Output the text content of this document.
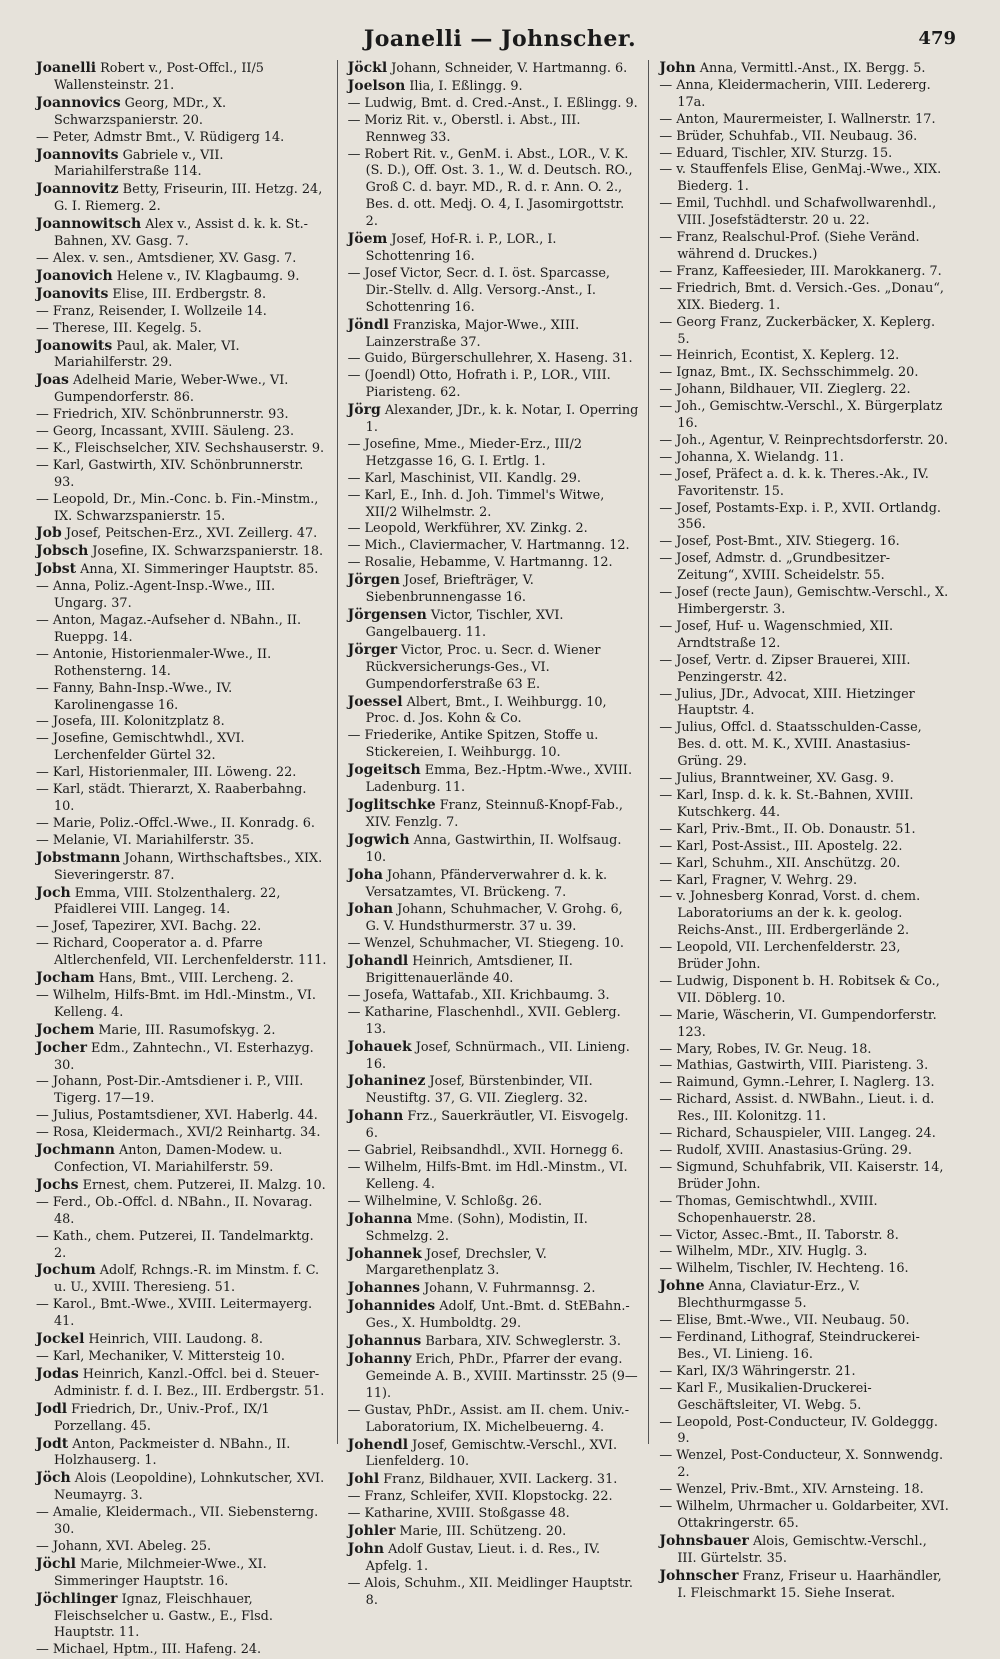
Joanelli — Johnscher.	479

Joanelli Robert v., Post-Offcl., II/5 Wallensteinstr. 21.

Joannovics Georg, MDr., X. Schwarzspanierstr. 20.

— Peter, Admstr Bmt., V. Rüdigerg 14.

Joannovits Gabriele v., VII. Mariahilferstraße 114.

Joannovitz Betty, Friseurin, III. Hetzg. 24, G. I. Riemerg. 2.

Joannowitsch Alex v., Assist d. k. k. St.-Bahnen, XV. Gasg. 7.

— Alex. v. sen., Amtsdiener, XV. Gasg. 7.

Joanovich Helene v., IV. Klagbaumg. 9.

Joanovits Elise, III. Erdbergstr. 8.

— Franz, Reisender, I. Wollzeile 14.

— Therese, III. Kegelg. 5.

Joanowits Paul, ak. Maler, VI. Mariahilferstr. 29.

Joas Adelheid Marie, Weber-Wwe., VI. Gumpendorferstr. 86.

— Friedrich, XIV. Schönbrunnerstr. 93.

— Georg, Incassant, XVIII. Säuleng. 23.

— K., Fleischselcher, XIV. Sechshauserstr. 9.

— Karl, Gastwirth, XIV. Schönbrunnerstr. 93.

— Leopold, Dr., Min.-Conc. b. Fin.-Minstm., IX. Schwarzspanierstr. 15.

Job Josef, Peitschen-Erz., XVI. Zeillerg. 47.

Jobsch Josefine, IX. Schwarzspanierstr. 18.

Jobst Anna, XI. Simmeringer Hauptstr. 85.

— Anna, Poliz.-Agent-Insp.-Wwe., III. Ungarg. 37.

— Anton, Magaz.-Aufseher d. NBahn., II. Rueppg. 14.

— Antonie, Historienmaler-Wwe., II. Rothensterng. 14.

— Fanny, Bahn-Insp.-Wwe., IV. Karolinengasse 16.

— Josefa, III. Kolonitzplatz 8.

— Josefine, Gemischtwhdl., XVI. Lerchenfelder Gürtel 32.

— Karl, Historienmaler, III. Löweng. 22.

— Karl, städt. Thierarzt, X. Raaberbahng. 10.

— Marie, Poliz.-Offcl.-Wwe., II. Konradg. 6.

— Melanie, VI. Mariahilferstr. 35.

Jobstmann Johann, Wirthschaftsbes., XIX. Sieveringerstr. 87.

Joch Emma, VIII. Stolzenthalerg. 22, Pfaidlerei VIII. Langeg. 14.

— Josef, Tapezirer, XVI. Bachg. 22.

— Richard, Cooperator a. d. Pfarre Altlerchenfeld, VII. Lerchenfelderstr. 111.

Jocham Hans, Bmt., VIII. Lercheng. 2.

— Wilhelm, Hilfs-Bmt. im Hdl.-Minstm., VI. Kelleng. 4.

Jochem Marie, III. Rasumofskyg. 2.

Jocher Edm., Zahntechn., VI. Esterhazyg. 30.

— Johann, Post-Dir.-Amtsdiener i. P., VIII. Tigerg. 17—19.

— Julius, Postamtsdiener, XVI. Haberlg. 44.

— Rosa, Kleidermach., XVI/2 Reinhartg. 34.

Jochmann Anton, Damen-Modew. u. Confection, VI. Mariahilferstr. 59.

Jochs Ernest, chem. Putzerei, II. Malzg. 10.

— Ferd., Ob.-Offcl. d. NBahn., II. Novarag. 48.

— Kath., chem. Putzerei, II. Tandelmarktg. 2.

Jochum Adolf, Rchngs.-R. im Minstm. f. C. u. U., XVIII. Theresieng. 51.

— Karol., Bmt.-Wwe., XVIII. Leitermayerg. 41.

Jockel Heinrich, VIII. Laudong. 8.

— Karl, Mechaniker, V. Mittersteig 10.

Jodas Heinrich, Kanzl.-Offcl. bei d. Steuer-Administr. f. d. I. Bez., III. Erdbergstr. 51.

Jodl Friedrich, Dr., Univ.-Prof., IX/1 Porzellang. 45.

Jodt Anton, Packmeister d. NBahn., II. Holzhauserg. 1.

Jöch Alois (Leopoldine), Lohnkutscher, XVI. Neumayrg. 3.

— Amalie, Kleidermach., VII. Siebensterng. 30.

— Johann, XVI. Abeleg. 25.

Jöchl Marie, Milchmeier-Wwe., XI. Simmeringer Hauptstr. 16.

Jöchlinger Ignaz, Fleischhauer, Fleischselcher u. Gastw., E., Flsd. Hauptstr. 11.

— Michael, Hptm., III. Hafeng. 24.

Jöckl Johann, Schneider, V. Hartmanng. 6.

Joelson Ilia, I. Eßlingg. 9.

— Ludwig, Bmt. d. Cred.-Anst., I. Eßlingg. 9.

— Moriz Rit. v., Oberstl. i. Abst., III. Rennweg 33.

— Robert Rit. v., GenM. i. Abst., LOR., V. K. (S. D.), Off. Ost. 3. 1., W. d. Deutsch. RO., Groß C. d. bayr. MD., R. d. r. Ann. O. 2., Bes. d. ott. Medj. O. 4, I. Jasomirgottstr. 2.

Jöem Josef, Hof-R. i. P., LOR., I. Schottenring 16.

— Josef Victor, Secr. d. I. öst. Sparcasse, Dir.-Stellv. d. Allg. Versorg.-Anst., I. Schottenring 16.

Jöndl Franziska, Major-Wwe., XIII. Lainzerstraße 37.

— Guido, Bürgerschullehrer, X. Haseng. 31.

— (Joendl) Otto, Hofrath i. P., LOR., VIII. Piaristeng. 62.

Jörg Alexander, JDr., k. k. Notar, I. Operring 1.

— Josefine, Mme., Mieder-Erz., III/2 Hetzgasse 16, G. I. Ertlg. 1.

— Karl, Maschinist, VII. Kandlg. 29.

— Karl, E., Inh. d. Joh. Timmel's Witwe, XII/2 Wilhelmstr. 2.

— Leopold, Werkführer, XV. Zinkg. 2.

— Mich., Claviermacher, V. Hartmanng. 12.

— Rosalie, Hebamme, V. Hartmanng. 12.

Jörgen Josef, Briefträger, V. Siebenbrunnengasse 16.

Jörgensen Victor, Tischler, XVI. Gangelbauerg. 11.

Jörger Victor, Proc. u. Secr. d. Wiener Rückversicherungs-Ges., VI. Gumpendorferstraße 63 E.

Joessel Albert, Bmt., I. Weihburgg. 10, Proc. d. Jos. Kohn & Co.

— Friederike, Antike Spitzen, Stoffe u. Stickereien, I. Weihburgg. 10.

Jogeitsch Emma, Bez.-Hptm.-Wwe., XVIII. Ladenburg. 11.

Joglitschke Franz, Steinnuß-Knopf-Fab., XIV. Fenzlg. 7.

Jogwich Anna, Gastwirthin, II. Wolfsaug. 10.

Joha Johann, Pfänderverwahrer d. k. k. Versatzamtes, VI. Brückeng. 7.

Johan Johann, Schuhmacher, V. Grohg. 6, G. V. Hundsthurmerstr. 37 u. 39.

— Wenzel, Schuhmacher, VI. Stiegeng. 10.

Johandl Heinrich, Amtsdiener, II. Brigittenauerlände 40.

— Josefa, Wattafab., XII. Krichbaumg. 3.

— Katharine, Flaschenhdl., XVII. Geblerg. 13.

Johauek Josef, Schnürmach., VII. Linieng. 16.

Johaninez Josef, Bürstenbinder, VII. Neustiftg. 37, G. VII. Zieglerg. 32.

Johann Frz., Sauerkräutler, VI. Eisvogelg. 6.

— Gabriel, Reibsandhdl., XVII. Hornegg 6.

— Wilhelm, Hilfs-Bmt. im Hdl.-Minstm., VI. Kelleng. 4.

— Wilhelmine, V. Schloßg. 26.

Johanna Mme. (Sohn), Modistin, II. Schmelzg. 2.

Johannek Josef, Drechsler, V. Margarethenplatz 3.

Johannes Johann, V. Fuhrmannsg. 2.

Johannides Adolf, Unt.-Bmt. d. StEBahn.-Ges., X. Humboldtg. 29.

Johannus Barbara, XIV. Schweglerstr. 3.

Johanny Erich, PhDr., Pfarrer der evang. Gemeinde A. B., XVIII. Martinsstr. 25 (9—11).

— Gustav, PhDr., Assist. am II. chem. Univ.-Laboratorium, IX. Michelbeuerng. 4.

Johendl Josef, Gemischtw.-Verschl., XVI. Lienfelderg. 10.

Johl Franz, Bildhauer, XVII. Lackerg. 31.

— Franz, Schleifer, XVII. Klopstockg. 22.

— Katharine, XVIII. Stoßgasse 48.

Johler Marie, III. Schützeng. 20.

John Adolf Gustav, Lieut. i. d. Res., IV. Apfelg. 1.

— Alois, Schuhm., XII. Meidlinger Hauptstr. 8.

John Anna, Vermittl.-Anst., IX. Bergg. 5.

— Anna, Kleidermacherin, VIII. Ledererg. 17a.

— Anton, Maurermeister, I. Wallnerstr. 17.

— Brüder, Schuhfab., VII. Neubaug. 36.

— Eduard, Tischler, XIV. Sturzg. 15.

— v. Stauffenfels Elise, GenMaj.-Wwe., XIX. Biederg. 1.

— Emil, Tuchhdl. und Schafwollwarenhdl., VIII. Josefstädterstr. 20 u. 22.

— Franz, Realschul-Prof. (Siehe Veränd. während d. Druckes.)

— Franz, Kaffeesieder, III. Marokkanerg. 7.

— Friedrich, Bmt. d. Versich.-Ges. „Donau“, XIX. Biederg. 1.

— Georg Franz, Zuckerbäcker, X. Keplerg. 5.

— Heinrich, Econtist, X. Keplerg. 12.

— Ignaz, Bmt., IX. Sechsschimmelg. 20.

— Johann, Bildhauer, VII. Zieglerg. 22.

— Joh., Gemischtw.-Verschl., X. Bürgerplatz 16.

— Joh., Agentur, V. Reinprechtsdorferstr. 20.

— Johanna, X. Wielandg. 11.

— Josef, Präfect a. d. k. k. Theres.-Ak., IV. Favoritenstr. 15.

— Josef, Postamts-Exp. i. P., XVII. Ortlandg. 356.

— Josef, Post-Bmt., XIV. Stiegerg. 16.

— Josef, Admstr. d. „Grundbesitzer-Zeitung“, XVIII. Scheidelstr. 55.

— Josef (recte Jaun), Gemischtw.-Verschl., X. Himbergerstr. 3.

— Josef, Huf- u. Wagenschmied, XII. Arndtstraße 12.

— Josef, Vertr. d. Zipser Brauerei, XIII. Penzingerstr. 42.

— Julius, JDr., Advocat, XIII. Hietzinger Hauptstr. 4.

— Julius, Offcl. d. Staatsschulden-Casse, Bes. d. ott. M. K., XVIII. Anastasius-Grüng. 29.

— Julius, Branntweiner, XV. Gasg. 9.

— Karl, Insp. d. k. k. St.-Bahnen, XVIII. Kutschkerg. 44.

— Karl, Priv.-Bmt., II. Ob. Donaustr. 51.

— Karl, Post-Assist., III. Apostelg. 22.

— Karl, Schuhm., XII. Anschützg. 20.

— Karl, Fragner, V. Wehrg. 29.

— v. Johnesberg Konrad, Vorst. d. chem. Laboratoriums an der k. k. geolog. Reichs-Anst., III. Erdbergerlände 2.

— Leopold, VII. Lerchenfelderstr. 23, Brüder John.

— Ludwig, Disponent b. H. Robitsek & Co., VII. Döblerg. 10.

— Marie, Wäscherin, VI. Gumpendorferstr. 123.

— Mary, Robes, IV. Gr. Neug. 18.

— Mathias, Gastwirth, VIII. Piaristeng. 3.

— Raimund, Gymn.-Lehrer, I. Naglerg. 13.

— Richard, Assist. d. NWBahn., Lieut. i. d. Res., III. Kolonitzg. 11.

— Richard, Schauspieler, VIII. Langeg. 24.

— Rudolf, XVIII. Anastasius-Grüng. 29.

— Sigmund, Schuhfabrik, VII. Kaiserstr. 14, Brüder John.

— Thomas, Gemischtwhdl., XVIII. Schopenhauerstr. 28.

— Victor, Assec.-Bmt., II. Taborstr. 8.

— Wilhelm, MDr., XIV. Huglg. 3.

— Wilhelm, Tischler, IV. Hechteng. 16.

Johne Anna, Claviatur-Erz., V. Blechthurmgasse 5.

— Elise, Bmt.-Wwe., VII. Neubaug. 50.

— Ferdinand, Lithograf, Steindruckerei-Bes., VI. Linieng. 16.

— Karl, IX/3 Währingerstr. 21.

— Karl F., Musikalien-Druckerei-Geschäftsleiter, VI. Webg. 5.

— Leopold, Post-Conducteur, IV. Goldeggg. 9.

— Wenzel, Post-Conducteur, X. Sonnwendg. 2.

— Wenzel, Priv.-Bmt., XIV. Arnsteing. 18.

— Wilhelm, Uhrmacher u. Goldarbeiter, XVI. Ottakringerstr. 65.

Johnsbauer Alois, Gemischtw.-Verschl., III. Gürtelstr. 35.

Johnscher Franz, Friseur u. Haarhändler, I. Fleischmarkt 15. Siehe Inserat.
